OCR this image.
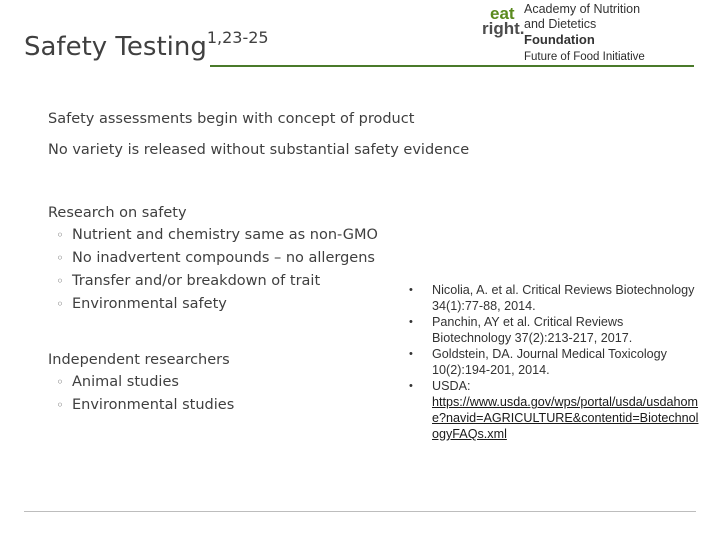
Safety Testing$^{1,23-25}$
eat
right.
Academy of Nutrition
and Dietetics
Foundation
Future of Food Initiative
Safety assessments begin with concept of product
No variety is released without substantial safety evidence
Research on safety
◦ Nutrient and chemistry same as non-GMO
◦ No inadvertent compounds – no allergens
◦ Transfer and/or breakdown of trait
◦ Environmental safety
Independent researchers
◦ Animal studies
◦ Environmental studies
• Nicolia, A. et al. Critical Reviews Biotechnology 34(1):77-88, 2014.
• Panchin, AY et al. Critical Reviews Biotechnology 37(2):213-217, 2017.
• Goldstein, DA. Journal Medical Toxicology 10(2):194-201, 2014.
• USDA:
https://www.usda.gov/wps/portal/usda/usdahome?navid=AGRICULTURE&contentid=BiotechnologyFAQs.xml
